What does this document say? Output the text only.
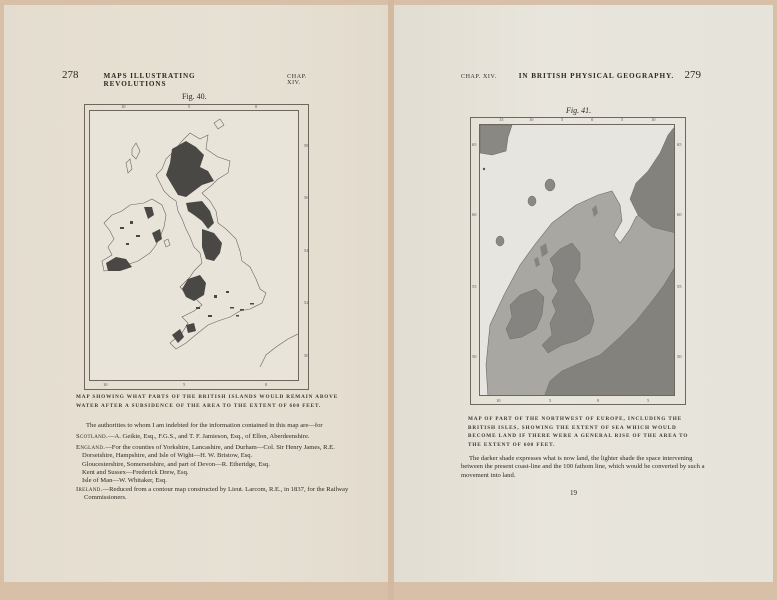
278	MAPS ILLUSTRATING REVOLUTIONS
CHAP. XIV.
Fig. 40.
10	5	0
10	5	0
58
56
54
52
50
MAP SHOWING WHAT PARTS OF THE BRITISH ISLANDS WOULD REMAIN ABOVE WATER AFTER A SUBSIDENCE OF THE AREA TO THE EXTENT OF 600 FEET.

The authorities to whom I am indebted for the information contained in this map are—for

Scotland.—A. Geikie, Esq., F.G.S., and T. F. Jamieson, Esq., of Ellon, Aberdeenshire.

England.—For the counties of Yorkshire, Lancashire, and Durham—Col. Sir Henry James, R.E.

Dorsetshire, Hampshire, and Isle of Wight—H. W. Bristow, Esq.

Gloucestershire, Somersetshire, and part of Devon—R. Etheridge, Esq.

Kent and Sussex—Frederick Drew, Esq.

Isle of Man—W. Whitaker, Esq.

Ireland.—Reduced from a contour map constructed by Lieut. Larcom, R.E., in 1837, for the Railway Commissioners.

CHAP. XIV.	IN BRITISH PHYSICAL GEOGRAPHY. 279
Fig. 41.
15	10	5	0	5	10
10	5	0	5
65
60
55
50
65
60
55
50
MAP OF PART OF THE NORTHWEST OF EUROPE, INCLUDING THE BRITISH ISLES, SHOWING THE EXTENT OF SEA WHICH WOULD BECOME LAND IF THERE WERE A GENERAL RISE OF THE AREA TO THE EXTENT OF 600 FEET.

The darker shade expresses what is now land, the lighter shade the space intervening between the present coast-line and the 100 fathom line, which would be converted by such a movement into land.

19
